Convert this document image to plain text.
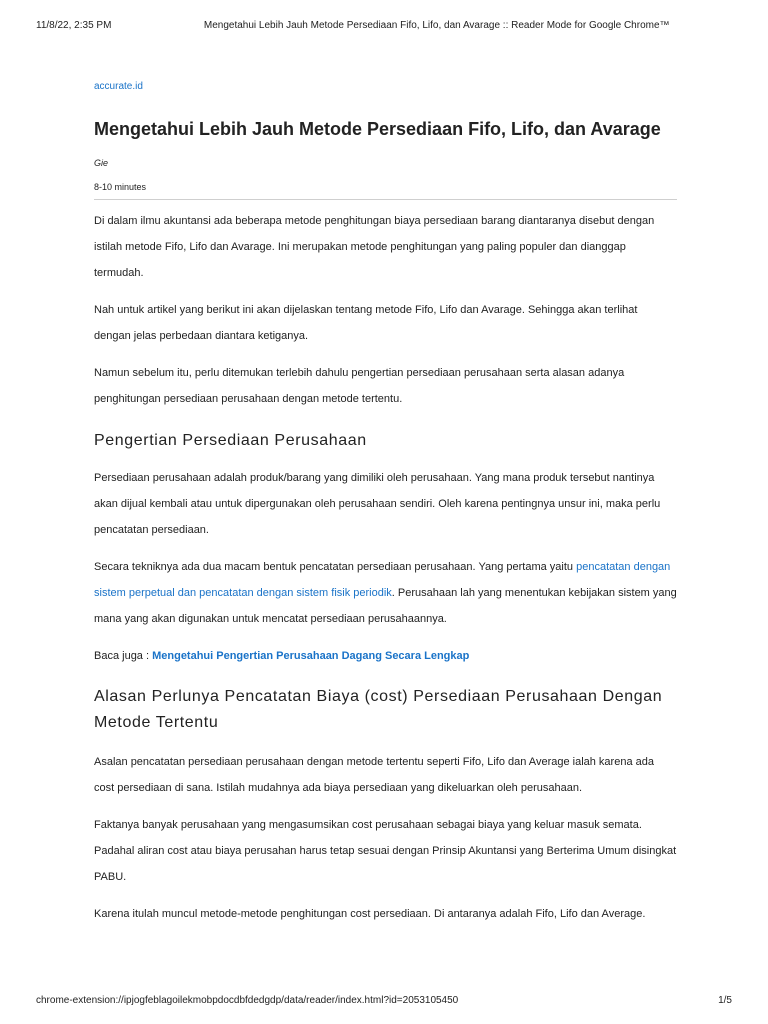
11/8/22, 2:35 PM	Mengetahui Lebih Jauh Metode Persediaan Fifo, Lifo, dan Avarage :: Reader Mode for Google Chrome™
accurate.id
Mengetahui Lebih Jauh Metode Persediaan Fifo, Lifo, dan Avarage
Gie
8-10 minutes

Di dalam ilmu akuntansi ada beberapa metode penghitungan biaya persediaan barang diantaranya disebut dengan istilah metode Fifo, Lifo dan Avarage. Ini merupakan metode penghitungan yang paling populer dan dianggap termudah.

Nah untuk artikel yang berikut ini akan dijelaskan tentang metode Fifo, Lifo dan Avarage. Sehingga akan terlihat dengan jelas perbedaan diantara ketiganya.

Namun sebelum itu, perlu ditemukan terlebih dahulu pengertian persediaan perusahaan serta alasan adanya penghitungan persediaan perusahaan dengan metode tertentu.

Pengertian Persediaan Perusahaan

Persediaan perusahaan adalah produk/barang yang dimiliki oleh perusahaan. Yang mana produk tersebut nantinya akan dijual kembali atau untuk dipergunakan oleh perusahaan sendiri. Oleh karena pentingnya unsur ini, maka perlu pencatatan persediaan.

Secara tekniknya ada dua macam bentuk pencatatan persediaan perusahaan. Yang pertama yaitu pencatatan dengan sistem perpetual dan pencatatan dengan sistem fisik periodik. Perusahaan lah yang menentukan kebijakan sistem yang mana yang akan digunakan untuk mencatat persediaan perusahaannya.

Baca juga : Mengetahui Pengertian Perusahaan Dagang Secara Lengkap

Alasan Perlunya Pencatatan Biaya (cost) Persediaan Perusahaan Dengan Metode Tertentu

Asalan pencatatan persediaan perusahaan dengan metode tertentu seperti Fifo, Lifo dan Average ialah karena ada cost persediaan di sana. Istilah mudahnya ada biaya persediaan yang dikeluarkan oleh perusahaan.

Faktanya banyak perusahaan yang mengasumsikan cost perusahaan sebagai biaya yang keluar masuk semata. Padahal aliran cost atau biaya perusahan harus tetap sesuai dengan Prinsip Akuntansi yang Berterima Umum disingkat PABU.

Karena itulah muncul metode-metode penghitungan cost persediaan. Di antaranya adalah Fifo, Lifo dan Average.

chrome-extension://ipjogfeblagoilekmobpdocdbfdedgdp/data/reader/index.html?id=2053105450	1/5
